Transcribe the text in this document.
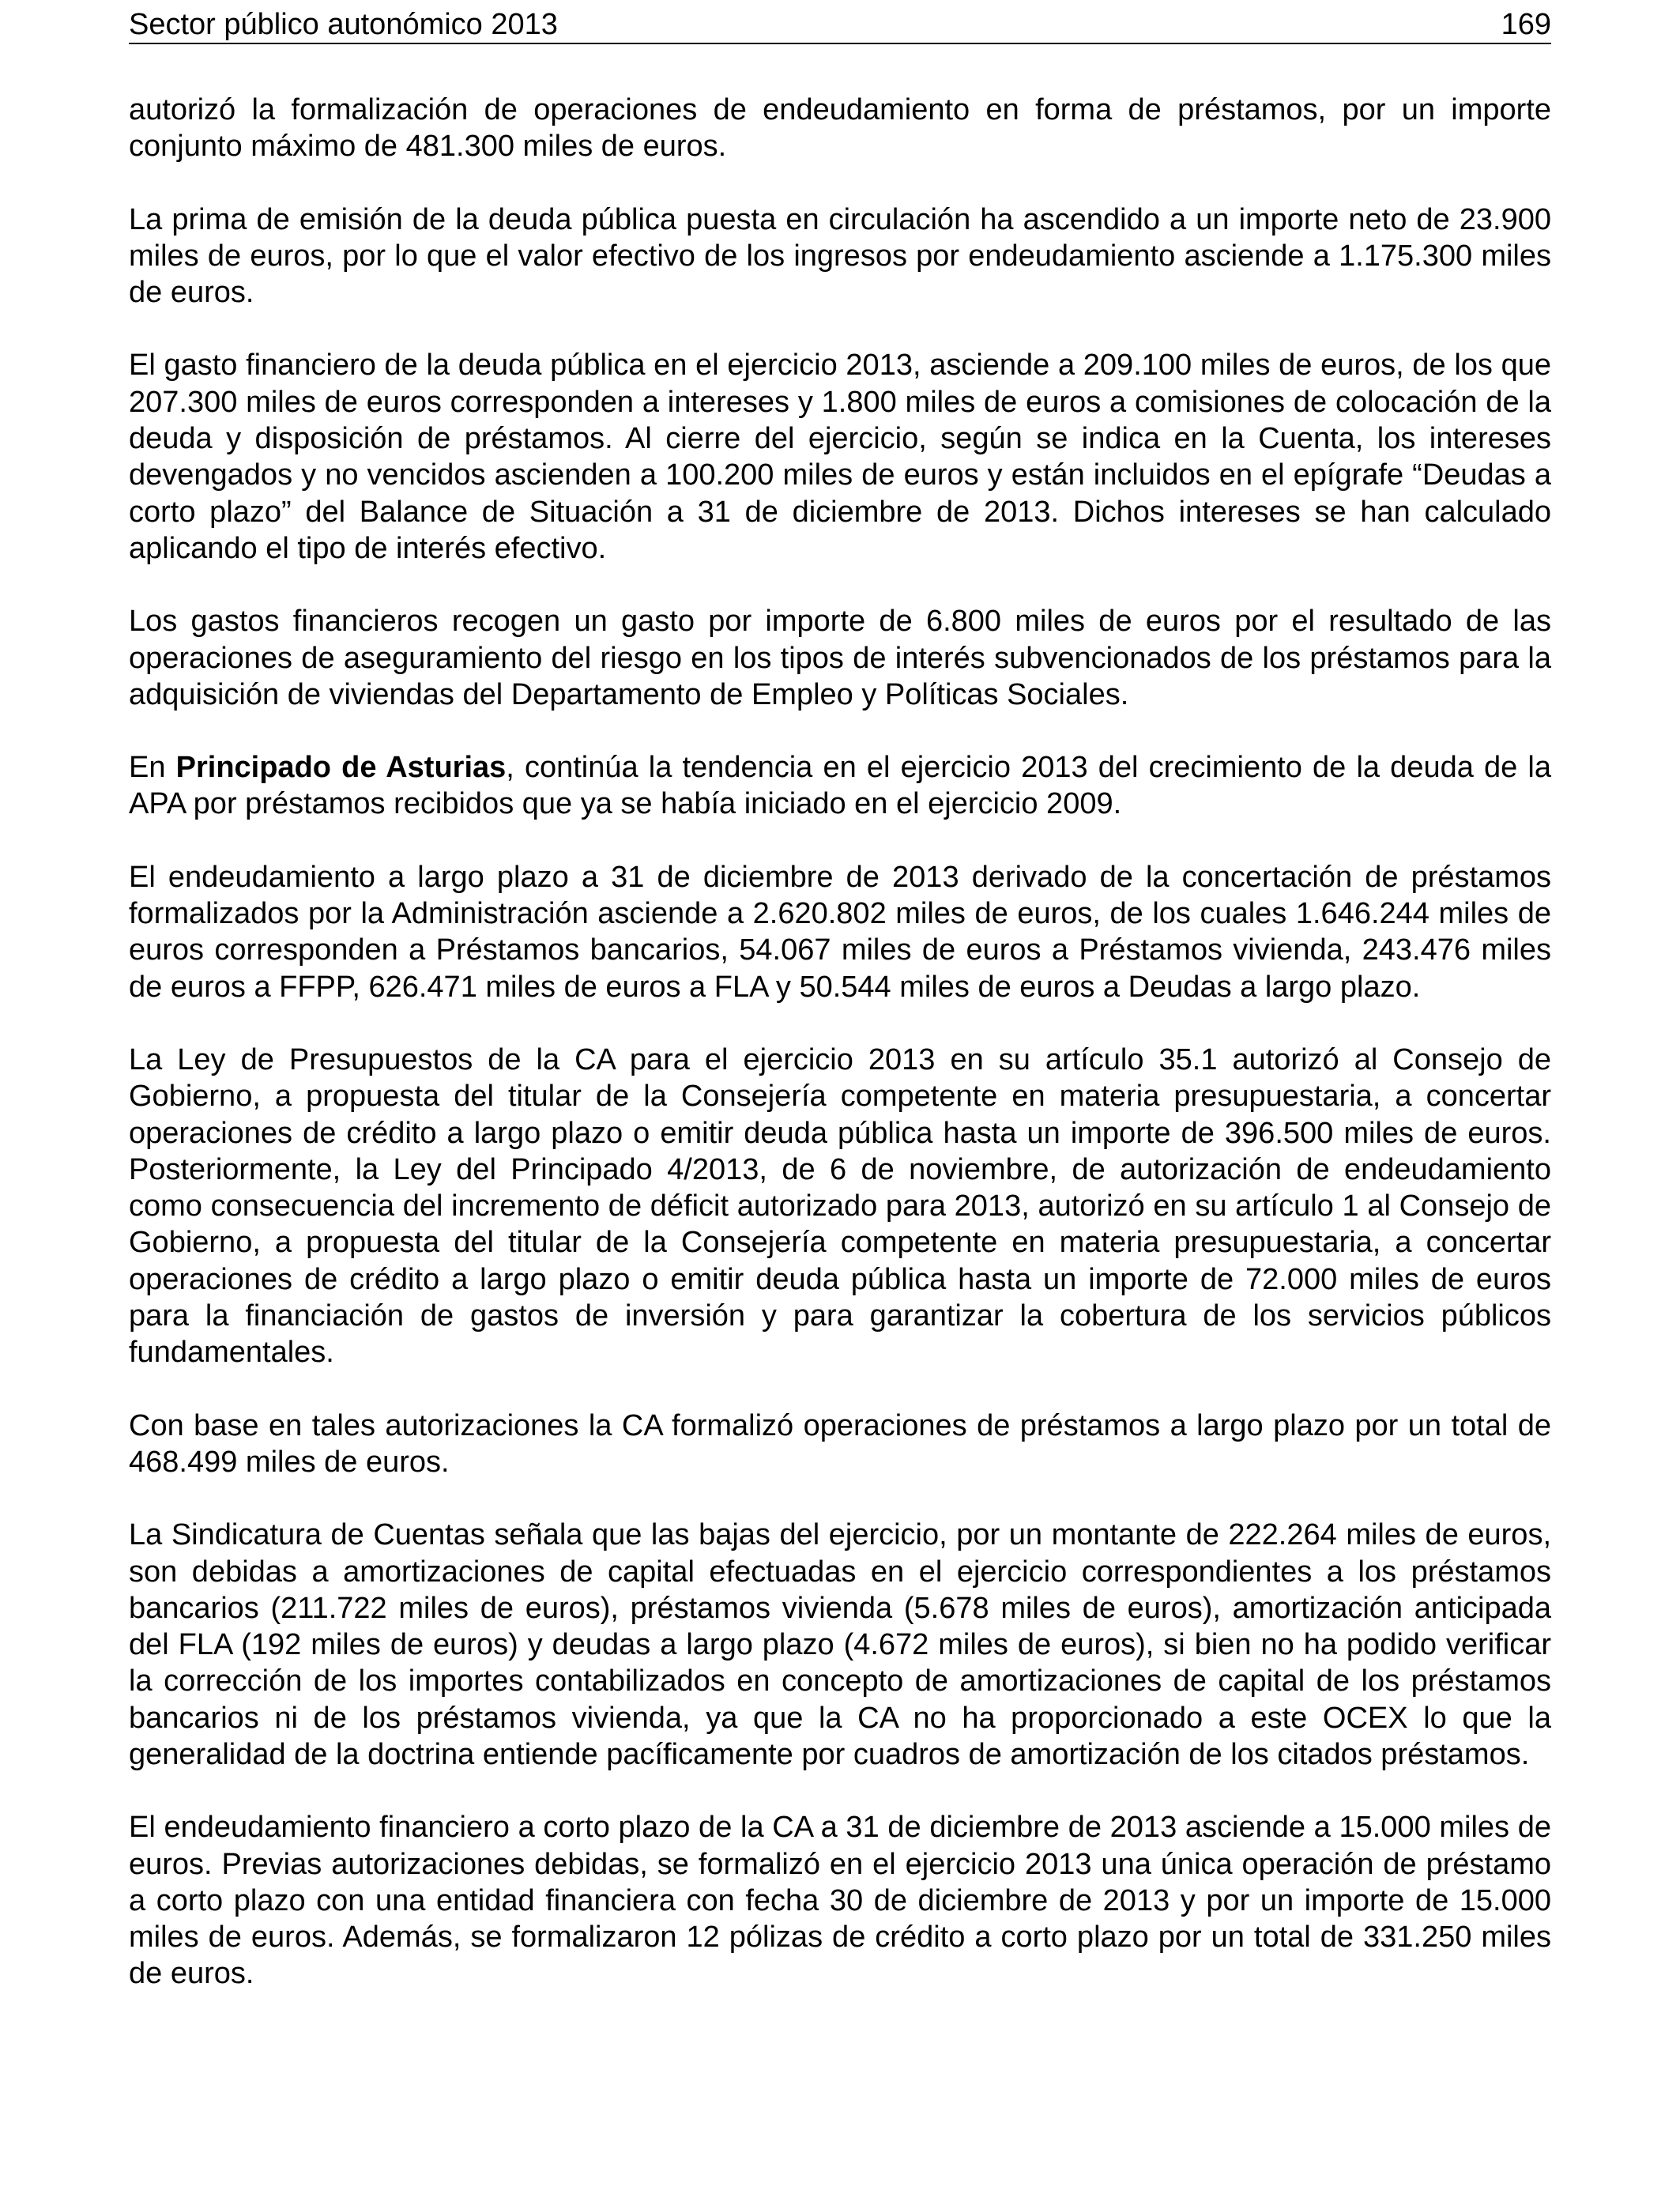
Sector público autonómico 2013	169

autorizó la formalización de operaciones de endeudamiento en forma de préstamos, por un importe conjunto máximo de 481.300 miles de euros.

La prima de emisión de la deuda pública puesta en circulación ha ascendido a un importe neto de 23.900 miles de euros, por lo que el valor efectivo de los ingresos por endeudamiento asciende a 1.175.300 miles de euros.

El gasto financiero de la deuda pública en el ejercicio 2013, asciende a 209.100 miles de euros, de los que 207.300 miles de euros corresponden a intereses y 1.800 miles de euros a comisiones de colocación de la deuda y disposición de préstamos. Al cierre del ejercicio, según se indica en la Cuenta, los intereses devengados y no vencidos ascienden a 100.200 miles de euros y están incluidos en el epígrafe “Deudas a corto plazo” del Balance de Situación a 31 de diciembre de 2013. Dichos intereses se han calculado aplicando el tipo de interés efectivo.

Los gastos financieros recogen un gasto por importe de 6.800 miles de euros por el resultado de las operaciones de aseguramiento del riesgo en los tipos de interés subvencionados de los préstamos para la adquisición de viviendas del Departamento de Empleo y Políticas Sociales.

En Principado de Asturias, continúa la tendencia en el ejercicio 2013 del crecimiento de la deuda de la APA por préstamos recibidos que ya se había iniciado en el ejercicio 2009.

El endeudamiento a largo plazo a 31 de diciembre de 2013 derivado de la concertación de préstamos formalizados por la Administración asciende a 2.620.802 miles de euros, de los cuales 1.646.244 miles de euros corresponden a Préstamos bancarios, 54.067 miles de euros a Préstamos vivienda, 243.476 miles de euros a FFPP, 626.471 miles de euros a FLA y 50.544 miles de euros a Deudas a largo plazo.

La Ley de Presupuestos de la CA para el ejercicio 2013 en su artículo 35.1 autorizó al Consejo de Gobierno, a propuesta del titular de la Consejería competente en materia presupuestaria, a concertar operaciones de crédito a largo plazo o emitir deuda pública hasta un importe de 396.500 miles de euros. Posteriormente, la Ley del Principado 4/2013, de 6 de noviembre, de autorización de endeudamiento como consecuencia del incremento de déficit autorizado para 2013, autorizó en su artículo 1 al Consejo de Gobierno, a propuesta del titular de la Consejería competente en materia presupuestaria, a concertar operaciones de crédito a largo plazo o emitir deuda pública hasta un importe de 72.000 miles de euros para la financiación de gastos de inversión y para garantizar la cobertura de los servicios públicos fundamentales.

Con base en tales autorizaciones la CA formalizó operaciones de préstamos a largo plazo por un total de 468.499 miles de euros.

La Sindicatura de Cuentas señala que las bajas del ejercicio, por un montante de 222.264 miles de euros, son debidas a amortizaciones de capital efectuadas en el ejercicio correspondientes a los préstamos bancarios (211.722 miles de euros), préstamos vivienda (5.678 miles de euros), amortización anticipada del FLA (192 miles de euros) y deudas a largo plazo (4.672 miles de euros), si bien no ha podido verificar la corrección de los importes contabilizados en concepto de amortizaciones de capital de los préstamos bancarios ni de los préstamos vivienda, ya que la CA no ha proporcionado a este OCEX lo que la generalidad de la doctrina entiende pacíficamente por cuadros de amortización de los citados préstamos.

El endeudamiento financiero a corto plazo de la CA a 31 de diciembre de 2013 asciende a 15.000 miles de euros. Previas autorizaciones debidas, se formalizó en el ejercicio 2013 una única operación de préstamo a corto plazo con una entidad financiera con fecha 30 de diciembre de 2013 y por un importe de 15.000 miles de euros. Además, se formalizaron 12 pólizas de crédito a corto plazo por un total de 331.250 miles de euros.
